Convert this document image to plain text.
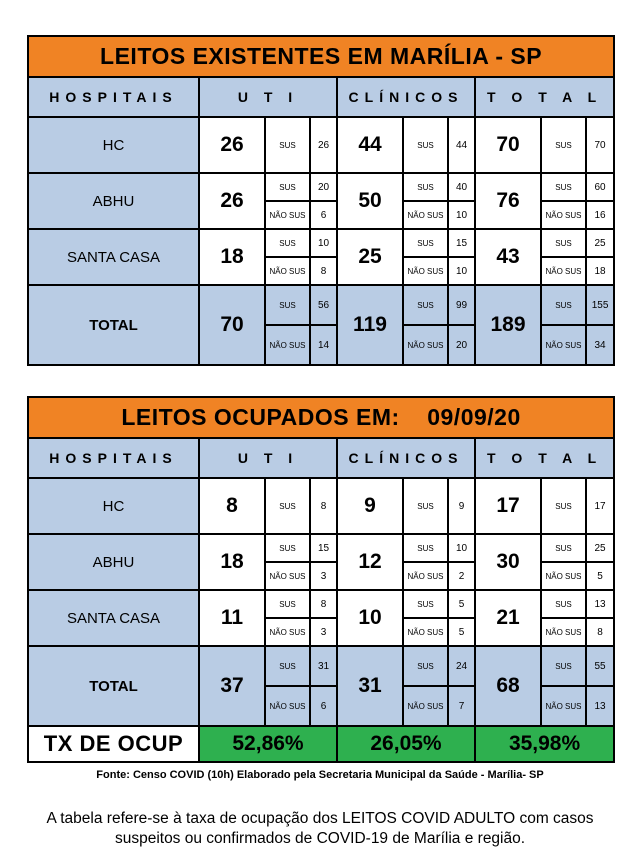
LEITOS EXISTENTES EM MARÍLIA - SP									
HOSPITAIS	U T I			CLÍNICOS			T O T A L		
HC	26	SUS	26	44	SUS	44	70	SUS	70
ABHU	26	SUS	20	50	SUS	40	76	SUS	60
		NÃO SUS	6		NÃO SUS	10		NÃO SUS	16
SANTA CASA	18	SUS	10	25	SUS	15	43	SUS	25
		NÃO SUS	8		NÃO SUS	10		NÃO SUS	18
TOTAL	70	SUS	56	119	SUS	99	189	SUS	155
		NÃO SUS	14		NÃO SUS	20		NÃO SUS	34
LEITOS OCUPADOS EM:    09/09/20									
HOSPITAIS	U T I			CLÍNICOS			T O T A L		
HC	8	SUS	8	9	SUS	9	17	SUS	17
ABHU	18	SUS	15	12	SUS	10	30	SUS	25
		NÃO SUS	3		NÃO SUS	2		NÃO SUS	5
SANTA CASA	11	SUS	8	10	SUS	5	21	SUS	13
		NÃO SUS	3		NÃO SUS	5		NÃO SUS	8
TOTAL	37	SUS	31	31	SUS	24	68	SUS	55
		NÃO SUS	6		NÃO SUS	7		NÃO SUS	13
TX DE OCUP	52,86%			26,05%			35,98%		
Fonte: Censo COVID (10h) Elaborado pela Secretaria Municipal da Saúde - Marília- SP
A tabela refere-se à taxa de ocupação dos LEITOS COVID ADULTO com casos suspeitos ou confirmados de COVID-19 de Marília e região.
